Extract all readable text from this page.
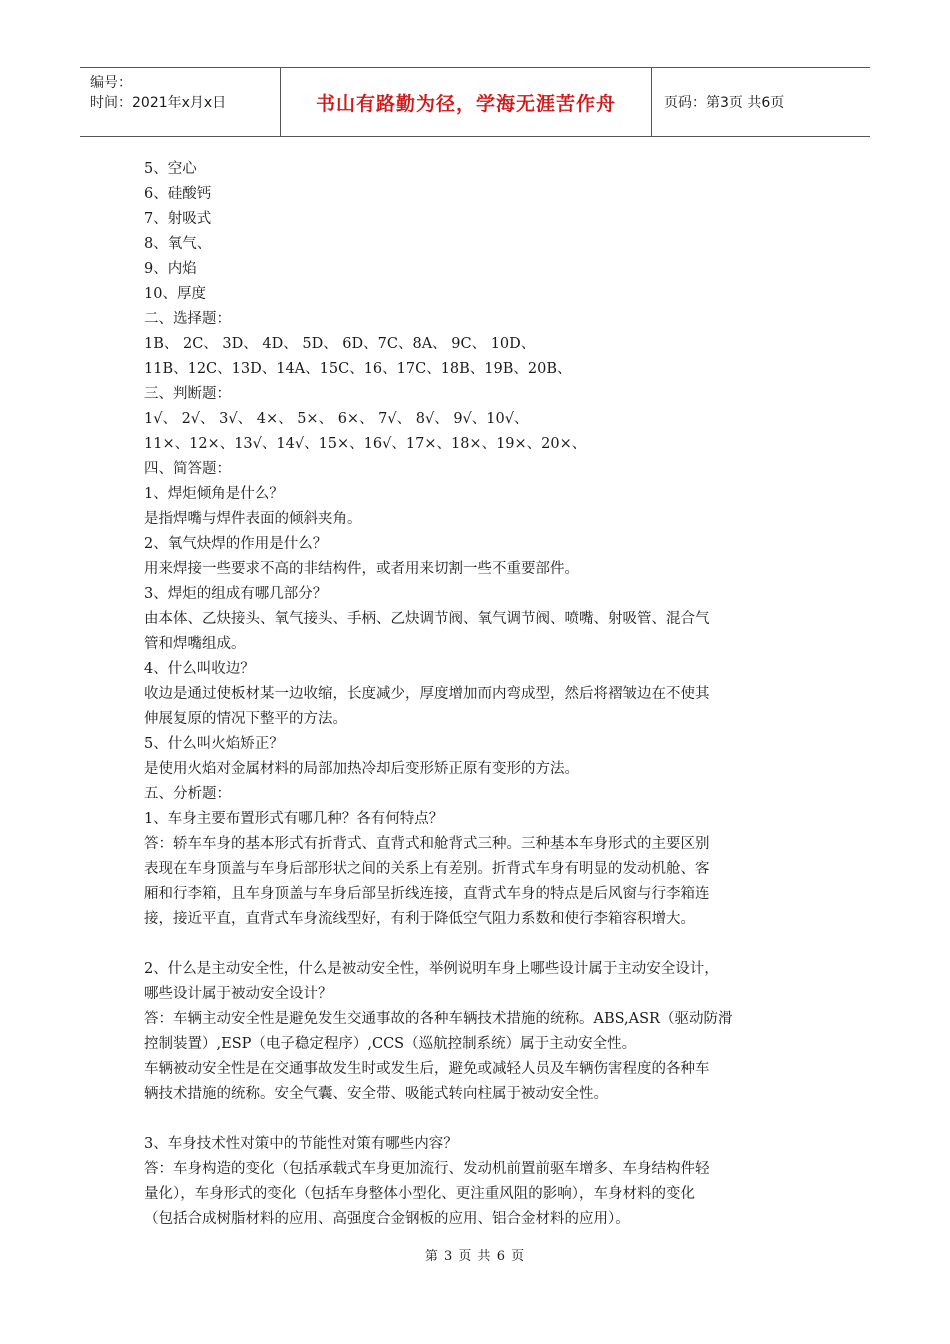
编号：
时间：2021年x月x日	书山有路勤为径，学海无涯苦作舟	页码：第3页 共6页

5、空心

6、硅酸钙

7、射吸式

8、氧气、

9、内焰

10、厚度

二、选择题：

1B、 2C、 3D、 4D、 5D、 6D、7C、8A、 9C、 10D、

11B、12C、13D、14A、15C、16、17C、18B、19B、20B、

三、判断题：

1√、 2√、 3√、 4×、 5×、 6×、 7√、 8√、 9√、10√、

11×、12×、13√、14√、15×、16√、17×、18×、19×、20×、

四、简答题：

1、焊炬倾角是什么？

是指焊嘴与焊件表面的倾斜夹角。

2、氧气炔焊的作用是什么？

用来焊接一些要求不高的非结构件，或者用来切割一些不重要部件。

3、焊炬的组成有哪几部分？

由本体、乙炔接头、氧气接头、手柄、乙炔调节阀、氧气调节阀、喷嘴、射吸管、混合气

管和焊嘴组成。

4、什么叫收边？

收边是通过使板材某一边收缩，长度减少，厚度增加而内弯成型，然后将褶皱边在不使其

伸展复原的情况下整平的方法。

5、什么叫火焰矫正？

是使用火焰对金属材料的局部加热冷却后变形矫正原有变形的方法。

五、分析题：

1、车身主要布置形式有哪几种？各有何特点？

答：轿车车身的基本形式有折背式、直背式和舱背式三种。三种基本车身形式的主要区别

表现在车身顶盖与车身后部形状之间的关系上有差别。折背式车身有明显的发动机舱、客

厢和行李箱，且车身顶盖与车身后部呈折线连接，直背式车身的特点是后风窗与行李箱连

接，接近平直，直背式车身流线型好，有利于降低空气阻力系数和使行李箱容积增大。

2、什么是主动安全性，什么是被动安全性，举例说明车身上哪些设计属于主动安全设计，

哪些设计属于被动安全设计？

答：车辆主动安全性是避免发生交通事故的各种车辆技术措施的统称。ABS,ASR（驱动防滑

控制装置）,ESP（电子稳定程序）,CCS（巡航控制系统）属于主动安全性。

车辆被动安全性是在交通事故发生时或发生后，避免或减轻人员及车辆伤害程度的各种车

辆技术措施的统称。安全气囊、安全带、吸能式转向柱属于被动安全性。

3、车身技术性对策中的节能性对策有哪些内容？

答：车身构造的变化（包括承载式车身更加流行、发动机前置前驱车增多、车身结构件轻

量化），车身形式的变化（包括车身整体小型化、更注重风阻的影响），车身材料的变化

（包括合成树脂材料的应用、高强度合金钢板的应用、铝合金材料的应用）。

第 3 页 共 6 页
